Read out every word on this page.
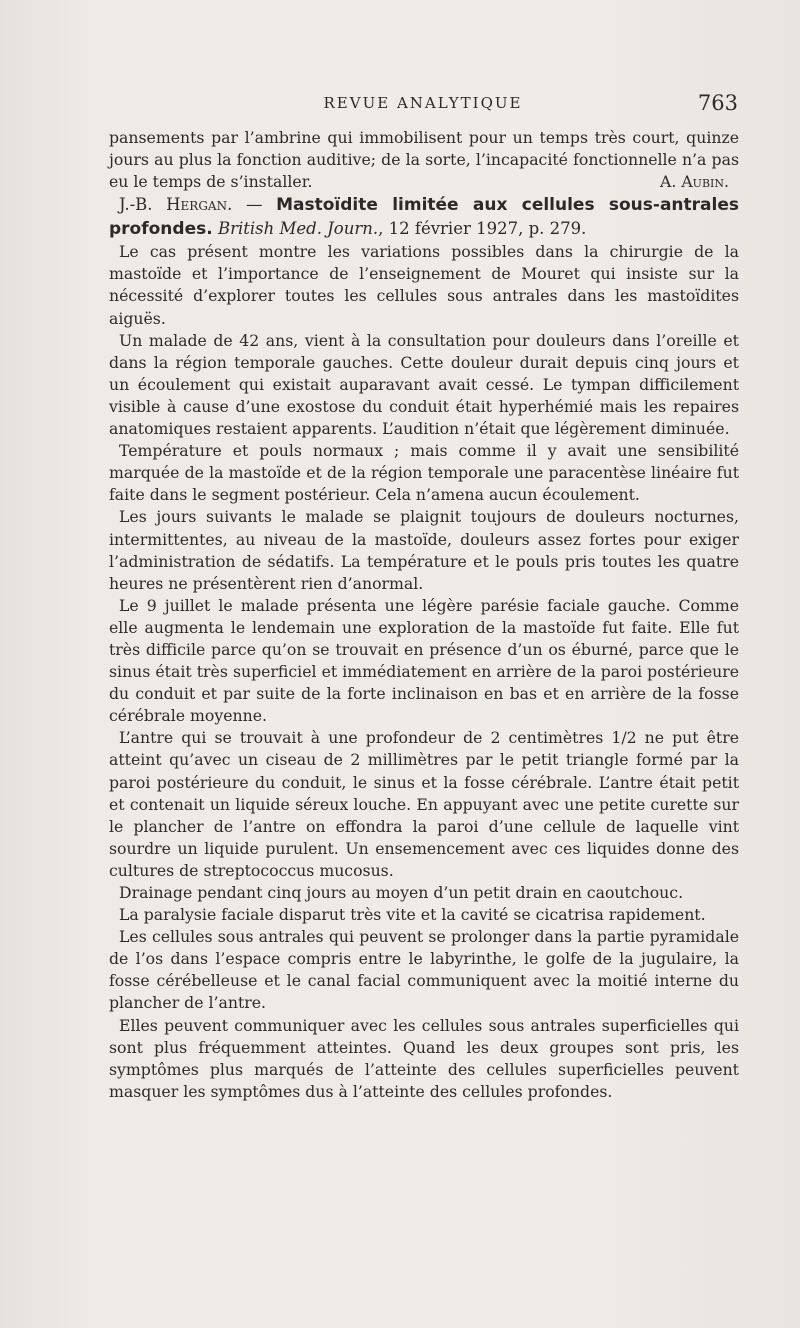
REVUE ANALYTIQUE	763

pansements par l’ambrine qui immobilisent pour un temps très court, quinze jours au plus la fonction auditive; de la sorte, l’incapacité fonctionnelle n’a pas eu le temps de s’installer.	A. Aubin.

J.-B. Hergan. — Mastoïdite limitée aux cellules sous-antrales profondes. British Med. Journ., 12 février 1927, p. 279.

Le cas présent montre les variations possibles dans la chirurgie de la mastoïde et l’importance de l’enseignement de Mouret qui insiste sur la nécessité d’explorer toutes les cellules sous antrales dans les mastoïdites aiguës.

Un malade de 42 ans, vient à la consultation pour douleurs dans l’oreille et dans la région temporale gauches. Cette douleur durait depuis cinq jours et un écoulement qui existait auparavant avait cessé. Le tympan difficilement visible à cause d’une exostose du conduit était hyperhémié mais les repaires anatomiques restaient apparents. L’audition n’était que légèrement diminuée.

Température et pouls normaux ; mais comme il y avait une sensibilité marquée de la mastoïde et de la région temporale une paracentèse linéaire fut faite dans le segment postérieur. Cela n’amena aucun écoulement.

Les jours suivants le malade se plaignit toujours de douleurs nocturnes, intermittentes, au niveau de la mastoïde, douleurs assez fortes pour exiger l’administration de sédatifs. La température et le pouls pris toutes les quatre heures ne présentèrent rien d’anormal.

Le 9 juillet le malade présenta une légère parésie faciale gauche. Comme elle augmenta le lendemain une exploration de la mastoïde fut faite. Elle fut très difficile parce qu’on se trouvait en présence d’un os éburné, parce que le sinus était très superficiel et immédiatement en arrière de la paroi postérieure du conduit et par suite de la forte inclinaison en bas et en arrière de la fosse cérébrale moyenne.

L’antre qui se trouvait à une profondeur de 2 centimètres 1/2 ne put être atteint qu’avec un ciseau de 2 millimètres par le petit triangle formé par la paroi postérieure du conduit, le sinus et la fosse cérébrale. L’antre était petit et contenait un liquide séreux louche. En appuyant avec une petite curette sur le plancher de l’antre on effondra la paroi d’une cellule de laquelle vint sourdre un liquide purulent. Un ensemencement avec ces liquides donne des cultures de streptococcus mucosus.

Drainage pendant cinq jours au moyen d’un petit drain en caoutchouc.

La paralysie faciale disparut très vite et la cavité se cicatrisa rapidement.

Les cellules sous antrales qui peuvent se prolonger dans la partie pyramidale de l’os dans l’espace compris entre le labyrinthe, le golfe de la jugulaire, la fosse cérébelleuse et le canal facial communiquent avec la moitié interne du plancher de l’antre.

Elles peuvent communiquer avec les cellules sous antrales superficielles qui sont plus fréquemment atteintes. Quand les deux groupes sont pris, les symptômes plus marqués de l’atteinte des cellules superficielles peuvent masquer les symptômes dus à l’atteinte des cellules profondes.
